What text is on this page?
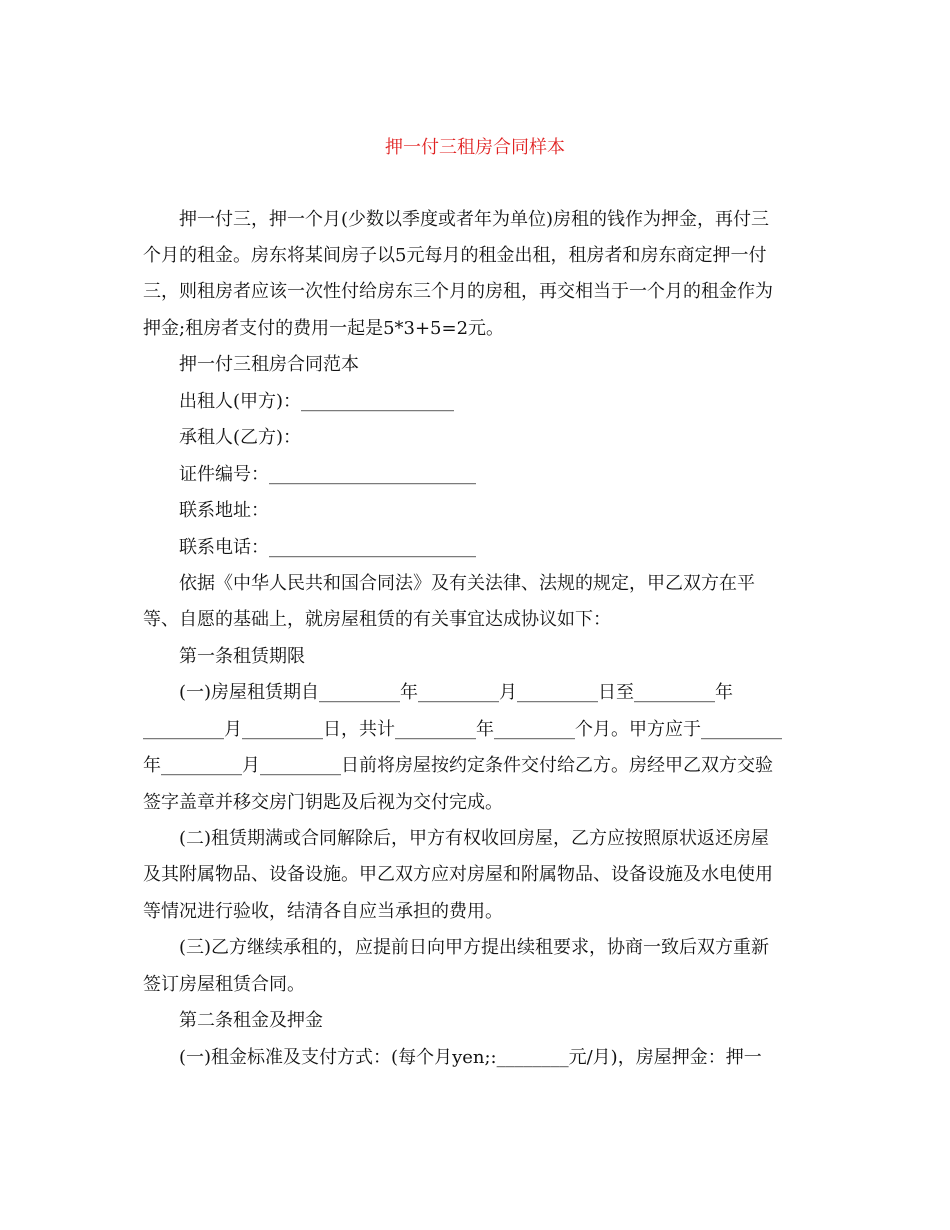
押一付三租房合同样本
押一付三，押一个月(少数以季度或者年为单位)房租的钱作为押金，再付三
个月的租金。房东将某间房子以5元每月的租金出租，租房者和房东商定押一付
三，则租房者应该一次性付给房东三个月的房租，再交相当于一个月的租金作为
押金;租房者支付的费用一起是5*3+5=2元。
押一付三租房合同范本
出租人(甲方)：_________________
承租人(乙方)：
证件编号：_______________________
联系地址：
联系电话：_______________________
依据《中华人民共和国合同法》及有关法律、法规的规定，甲乙双方在平
等、自愿的基础上，就房屋租赁的有关事宜达成协议如下：
第一条租赁期限
(一)房屋租赁期自_________年_________月_________日至_________年
_________月_________日，共计_________年_________个月。甲方应于_________
年_________月_________日前将房屋按约定条件交付给乙方。房经甲乙双方交验
签字盖章并移交房门钥匙及后视为交付完成。
(二)租赁期满或合同解除后，甲方有权收回房屋，乙方应按照原状返还房屋
及其附属物品、设备设施。甲乙双方应对房屋和附属物品、设备设施及水电使用
等情况进行验收，结清各自应当承担的费用。
(三)乙方继续承租的，应提前日向甲方提出续租要求，协商一致后双方重新
签订房屋租赁合同。
第二条租金及押金
(一)租金标准及支付方式：(每个月yen;:________元/月)，房屋押金：押一
